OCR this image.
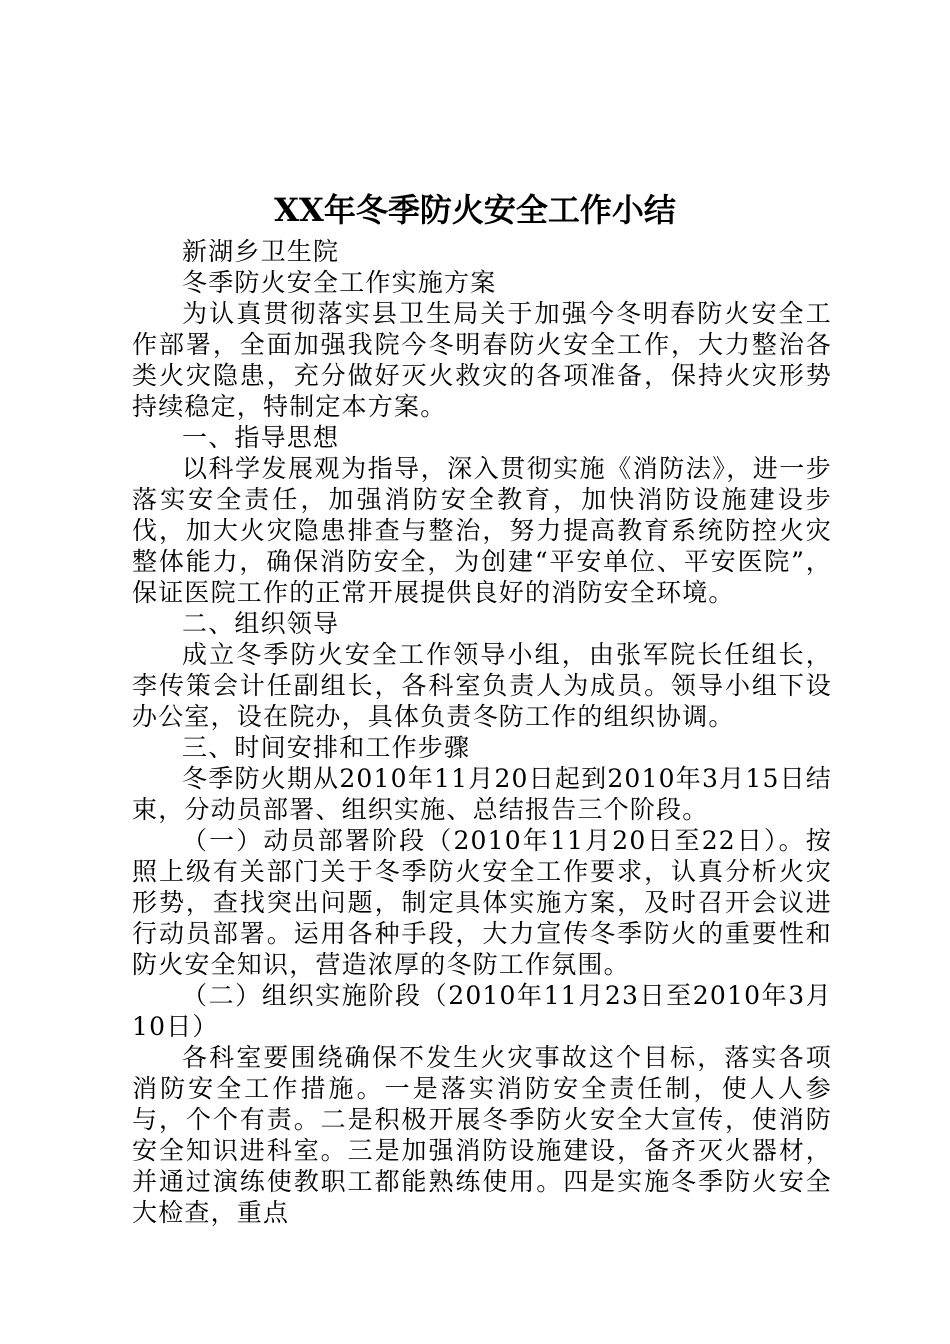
XX年冬季防火安全工作小结

新湖乡卫生院

冬季防火安全工作实施方案

为认真贯彻落实县卫生局关于加强今冬明春防火安全工作部署，全面加强我院今冬明春防火安全工作，大力整治各类火灾隐患，充分做好灭火救灾的各项准备，保持火灾形势持续稳定，特制定本方案。

一、指导思想

以科学发展观为指导，深入贯彻实施《消防法》，进一步落实安全责任，加强消防安全教育，加快消防设施建设步伐，加大火灾隐患排查与整治，努力提高教育系统防控火灾整体能力，确保消防安全，为创建“平安单位、平安医院”，保证医院工作的正常开展提供良好的消防安全环境。

二、组织领导

成立冬季防火安全工作领导小组，由张军院长任组长，李传策会计任副组长，各科室负责人为成员。领导小组下设办公室，设在院办，具体负责冬防工作的组织协调。

三、时间安排和工作步骤

冬季防火期从2010年11月20日起到2010年3月15日结束，分动员部署、组织实施、总结报告三个阶段。

（一）动员部署阶段（2010年11月20日至22日）。按照上级有关部门关于冬季防火安全工作要求，认真分析火灾形势，查找突出问题，制定具体实施方案，及时召开会议进行动员部署。运用各种手段，大力宣传冬季防火的重要性和防火安全知识，营造浓厚的冬防工作氛围。

（二）组织实施阶段（2010年11月23日至2010年3月10日）

各科室要围绕确保不发生火灾事故这个目标，落实各项消防安全工作措施。一是落实消防安全责任制，使人人参与，个个有责。二是积极开展冬季防火安全大宣传，使消防安全知识进科室。三是加强消防设施建设，备齐灭火器材，并通过演练使教职工都能熟练使用。四是实施冬季防火安全大检查，重点
